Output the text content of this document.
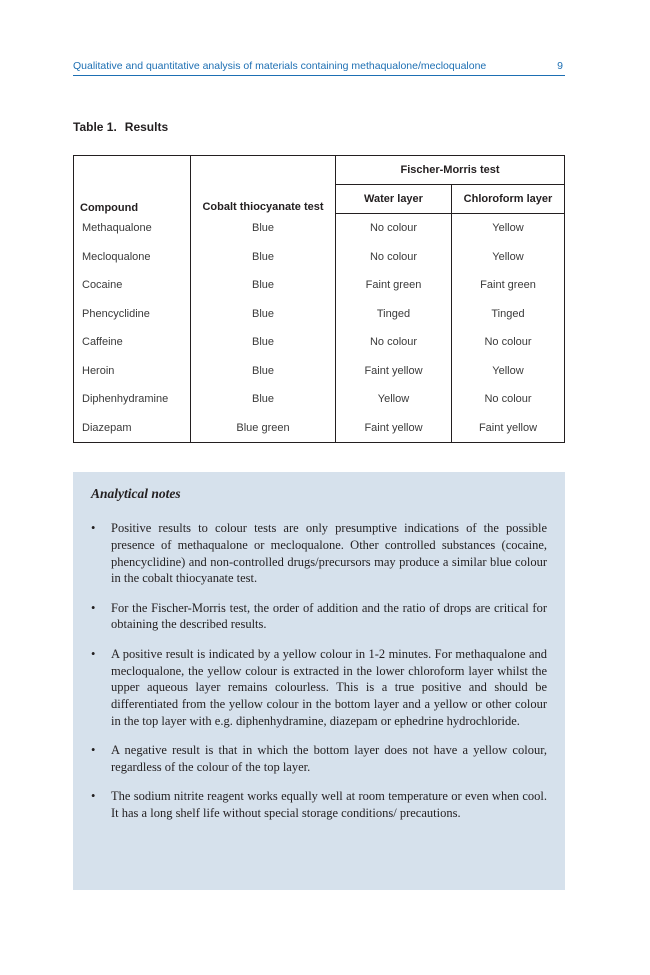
Qualitative and quantitative analysis of materials containing methaqualone/mecloqualone	9
Table 1. Results
Compound	Cobalt thiocyanate test	Fischer-Morris test	
		Water layer	Chloroform layer
Methaqualone	Blue	No colour	Yellow
Mecloqualone	Blue	No colour	Yellow
Cocaine	Blue	Faint green	Faint green
Phencyclidine	Blue	Tinged	Tinged
Caffeine	Blue	No colour	No colour
Heroin	Blue	Faint yellow	Yellow
Diphenhydramine	Blue	Yellow	No colour
Diazepam	Blue green	Faint yellow	Faint yellow

Analytical notes

• Positive results to colour tests are only presumptive indications of the possible presence of methaqualone or mecloqualone. Other controlled substances (cocaine, phencyclidine) and non-controlled drugs/precursors may produce a similar blue colour in the cobalt thiocyanate test.
• For the Fischer-Morris test, the order of addition and the ratio of drops are critical for obtaining the described results.
• A positive result is indicated by a yellow colour in 1-2 minutes. For methaqualone and mecloqualone, the yellow colour is extracted in the lower chloroform layer whilst the upper aqueous layer remains colourless. This is a true positive and should be differentiated from the yellow colour in the bottom layer and a yellow or other colour in the top layer with e.g. diphenhydramine, diazepam or ephedrine hydrochloride.
• A negative result is that in which the bottom layer does not have a yellow colour, regardless of the colour of the top layer.
• The sodium nitrite reagent works equally well at room temperature or even when cool. It has a long shelf life without special storage conditions/ precautions.
